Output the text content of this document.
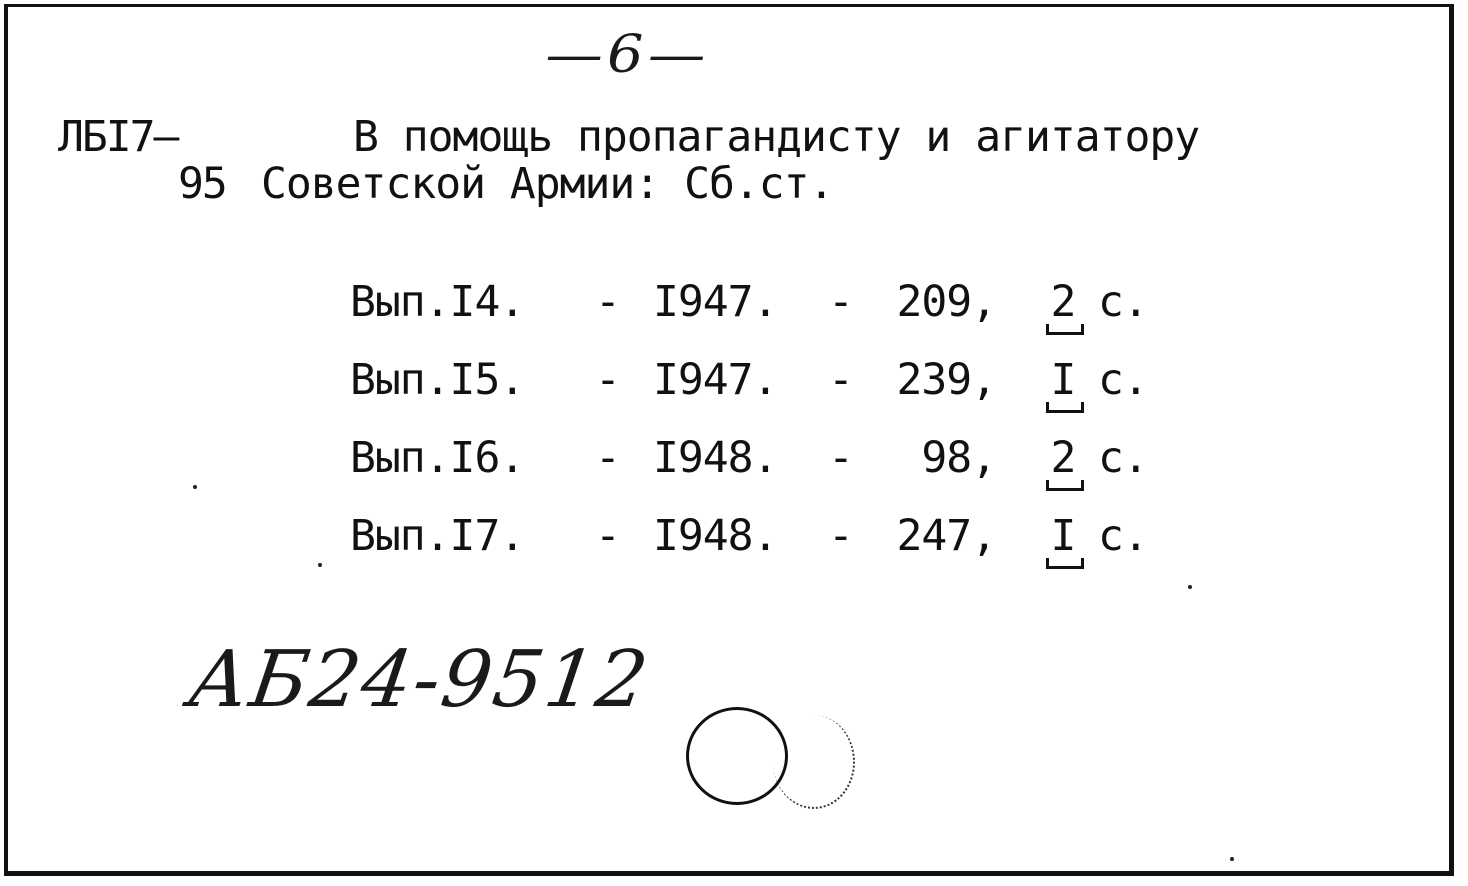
—6—
ЛБI7—
95
В помощь пропагандисту и агитатору
Советской Армии: Сб.ст.
Вып.I4.	- I947.	-	209,	2 с.
Вып.I5.	- I947.	-	239,	I с.
Вып.I6.	- I948.	-	98,	2 с.
Вып.I7.	- I948.	-	247,	I с.
АБ24-9512
